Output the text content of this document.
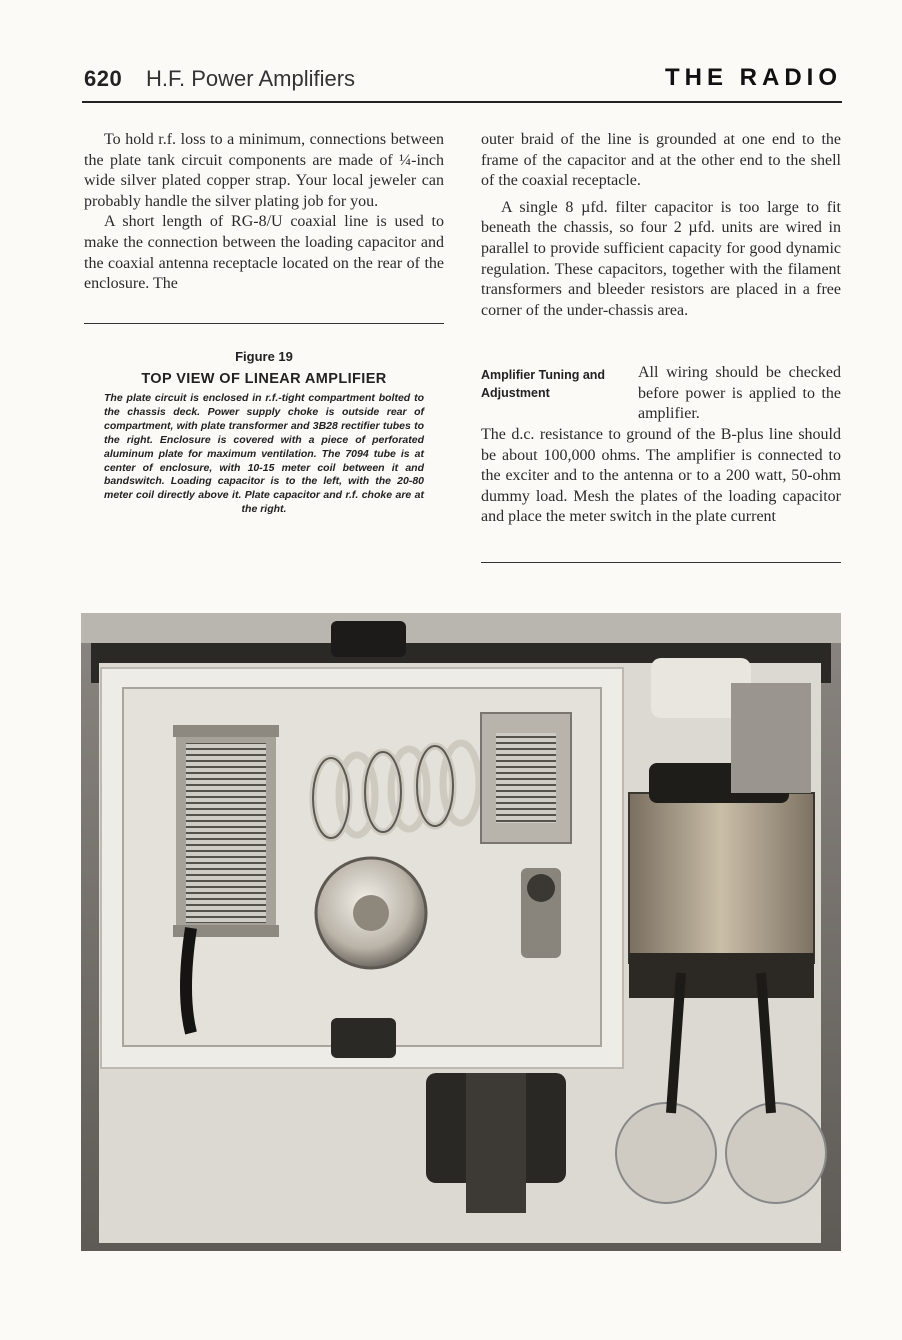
620 H.F. Power Amplifiers	THE RADIO

To hold r.f. loss to a minimum, connections between the plate tank circuit components are made of ¼-inch wide silver plated copper strap. Your local jeweler can probably handle the silver plating job for you.

A short length of RG-8/U coaxial line is used to make the connection between the loading capacitor and the coaxial antenna receptacle located on the rear of the enclosure. The

Figure 19
TOP VIEW OF LINEAR AMPLIFIER
The plate circuit is enclosed in r.f.-tight compartment bolted to the chassis deck. Power supply choke is outside rear of compartment, with plate transformer and 3B28 rectifier tubes to the right. Enclosure is covered with a piece of perforated aluminum plate for maximum ventilation. The 7094 tube is at center of enclosure, with 10-15 meter coil between it and bandswitch. Loading capacitor is to the left, with the 20-80 meter coil directly above it. Plate capacitor and r.f. choke are at the right.

outer braid of the line is grounded at one end to the frame of the capacitor and at the other end to the shell of the coaxial receptacle.

A single 8 µfd. filter capacitor is too large to fit beneath the chassis, so four 2 µfd. units are wired in parallel to provide sufficient capacity for good dynamic regulation. These capacitors, together with the filament transformers and bleeder resistors are placed in a free corner of the under-chassis area.

Amplifier Tuning and Adjustment
All wiring should be checked before power is applied to the amplifier.
The d.c. resistance to ground of the B-plus line should be about 100,000 ohms. The amplifier is connected to the exciter and to the antenna or to a 200 watt, 50-ohm dummy load. Mesh the plates of the loading capacitor and place the meter switch in the plate current
